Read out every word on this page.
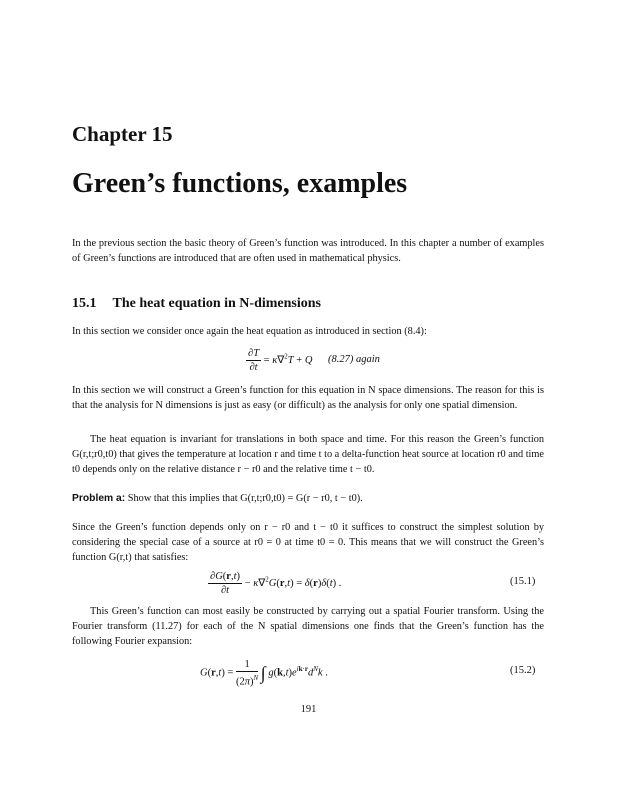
Chapter 15
Green’s functions, examples
In the previous section the basic theory of Green’s function was introduced. In this chapter a number of examples of Green’s functions are introduced that are often used in mathematical physics.
15.1 The heat equation in N-dimensions
In this section we consider once again the heat equation as introduced in section (8.4):
$\frac{\partial T}{\partial t} = \kappa\nabla^2T + Q$ (8.27) again
In this section we will construct a Green’s function for this equation in N space dimensions. The reason for this is that the analysis for N dimensions is just as easy (or difficult) as the analysis for only one spatial dimension.
The heat equation is invariant for translations in both space and time. For this reason the Green’s function G(r,t;r0,t0) that gives the temperature at location r and time t to a delta-function heat source at location r0 and time t0 depends only on the relative distance r − r0 and the relative time t − t0.
Problem a: Show that this implies that G(r,t;r0,t0) = G(r − r0, t − t0).
Since the Green’s function depends only on r − r0 and t − t0 it suffices to construct the simplest solution by considering the special case of a source at r0 = 0 at time t0 = 0. This means that we will construct the Green’s function G(r,t) that satisfies:
$\frac{\partial G(r,t)}{\partial t} - \kappa\nabla^2G(r,t) = \delta(r)\delta(t)$ .	(15.1)
This Green’s function can most easily be constructed by carrying out a spatial Fourier transform. Using the Fourier transform (11.27) for each of the N spatial dimensions one finds that the Green’s function has the following Fourier expansion:
$G(r,t) = \frac{1}{(2\pi)^N}$ ∫ $g(k,t)e^{ik\cdot r}d^Nk$ .	(15.2)
191
